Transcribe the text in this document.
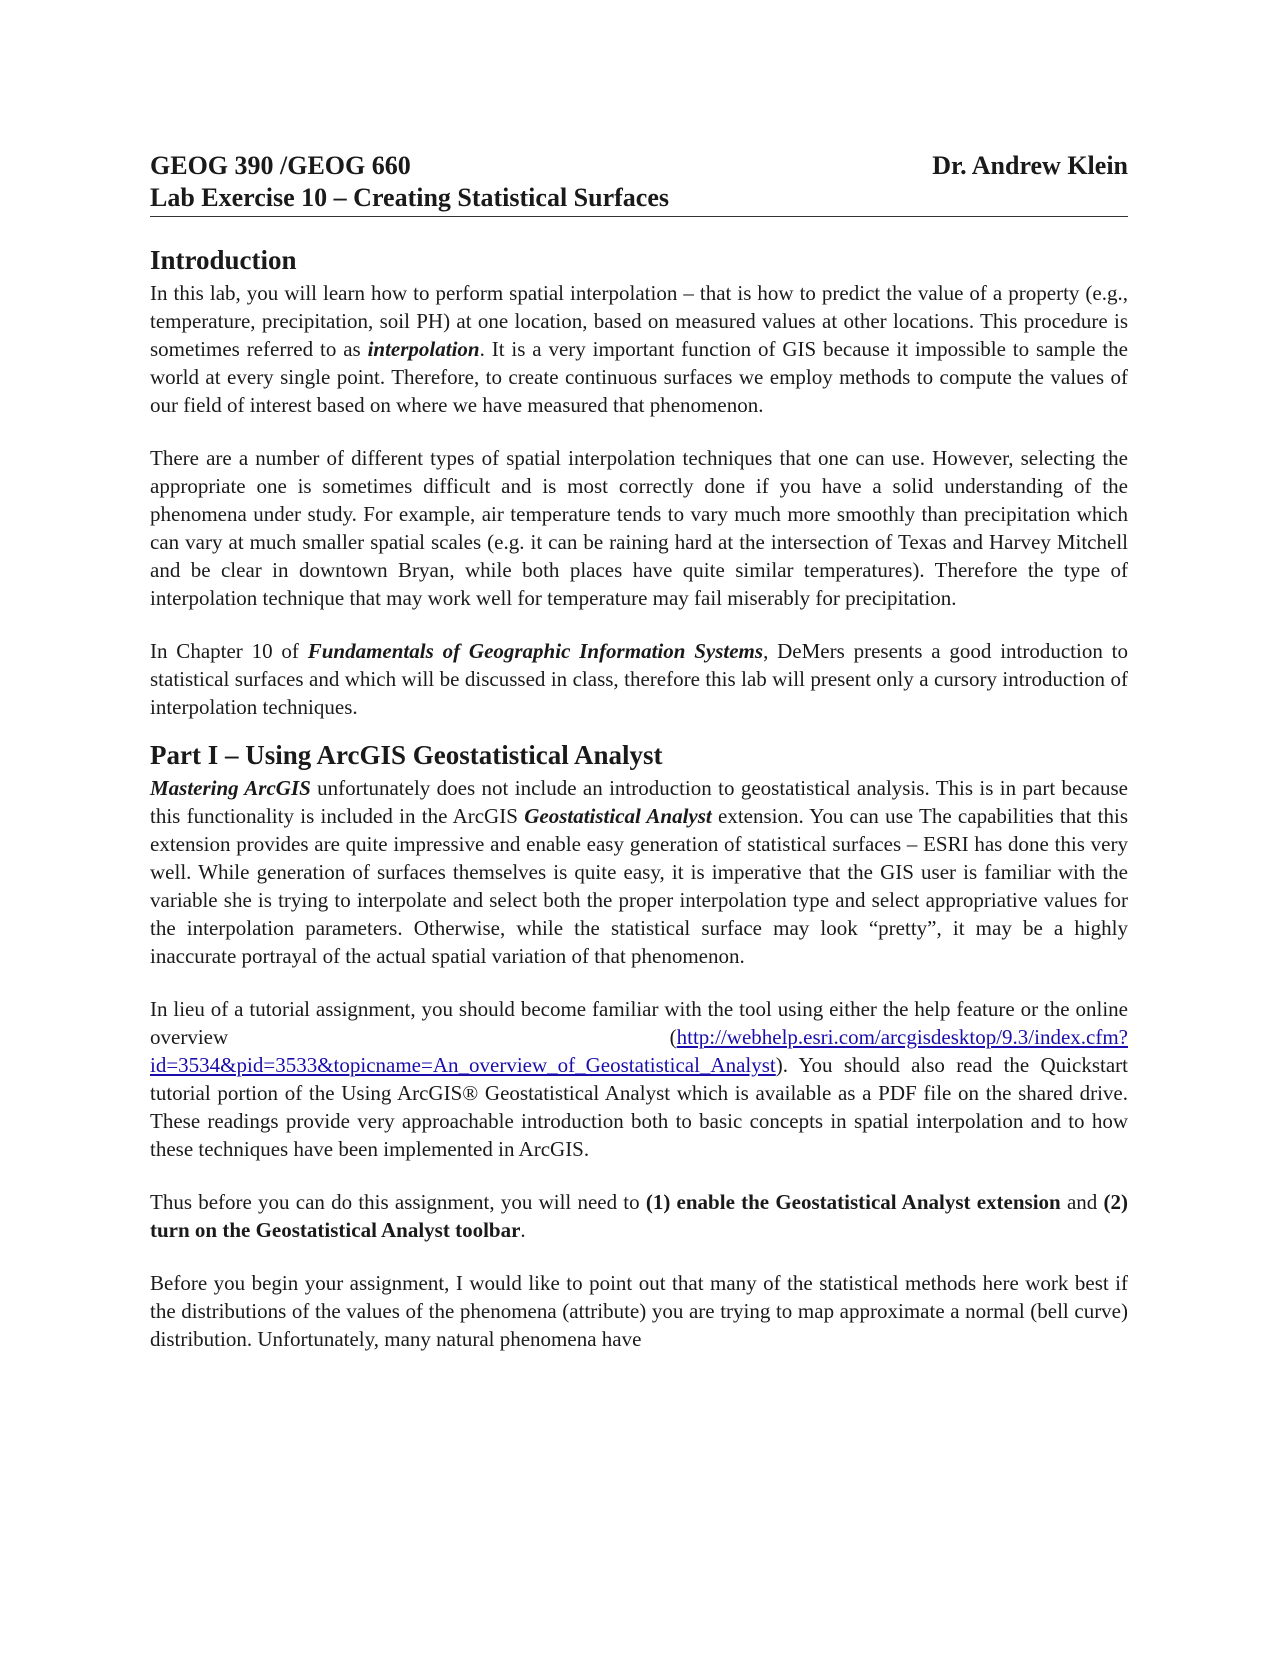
GEOG 390 /GEOG 660	Dr. Andrew Klein
Lab Exercise 10 – Creating Statistical Surfaces
Introduction

In this lab, you will learn how to perform spatial interpolation – that is how to predict the value of a property (e.g., temperature, precipitation, soil PH) at one location, based on measured values at other locations. This procedure is sometimes referred to as interpolation. It is a very important function of GIS because it impossible to sample the world at every single point. Therefore, to create continuous surfaces we employ methods to compute the values of our field of interest based on where we have measured that phenomenon.

There are a number of different types of spatial interpolation techniques that one can use. However, selecting the appropriate one is sometimes difficult and is most correctly done if you have a solid understanding of the phenomena under study. For example, air temperature tends to vary much more smoothly than precipitation which can vary at much smaller spatial scales (e.g. it can be raining hard at the intersection of Texas and Harvey Mitchell and be clear in downtown Bryan, while both places have quite similar temperatures). Therefore the type of interpolation technique that may work well for temperature may fail miserably for precipitation.

In Chapter 10 of Fundamentals of Geographic Information Systems, DeMers presents a good introduction to statistical surfaces and which will be discussed in class, therefore this lab will present only a cursory introduction of interpolation techniques.

Part I – Using ArcGIS Geostatistical Analyst

Mastering ArcGIS unfortunately does not include an introduction to geostatistical analysis. This is in part because this functionality is included in the ArcGIS Geostatistical Analyst extension. You can use The capabilities that this extension provides are quite impressive and enable easy generation of statistical surfaces – ESRI has done this very well. While generation of surfaces themselves is quite easy, it is imperative that the GIS user is familiar with the variable she is trying to interpolate and select both the proper interpolation type and select appropriative values for the interpolation parameters. Otherwise, while the statistical surface may look “pretty”, it may be a highly inaccurate portrayal of the actual spatial variation of that phenomenon.

In lieu of a tutorial assignment, you should become familiar with the tool using either the help feature or the online overview (http://webhelp.esri.com/arcgisdesktop/9.3/index.cfm?id=3534&pid=3533&topicname=An_overview_of_Geostatistical_Analyst). You should also read the Quickstart tutorial portion of the Using ArcGIS® Geostatistical Analyst which is available as a PDF file on the shared drive. These readings provide very approachable introduction both to basic concepts in spatial interpolation and to how these techniques have been implemented in ArcGIS.

Thus before you can do this assignment, you will need to (1) enable the Geostatistical Analyst extension and (2) turn on the Geostatistical Analyst toolbar.

Before you begin your assignment, I would like to point out that many of the statistical methods here work best if the distributions of the values of the phenomena (attribute) you are trying to map approximate a normal (bell curve) distribution. Unfortunately, many natural phenomena have
